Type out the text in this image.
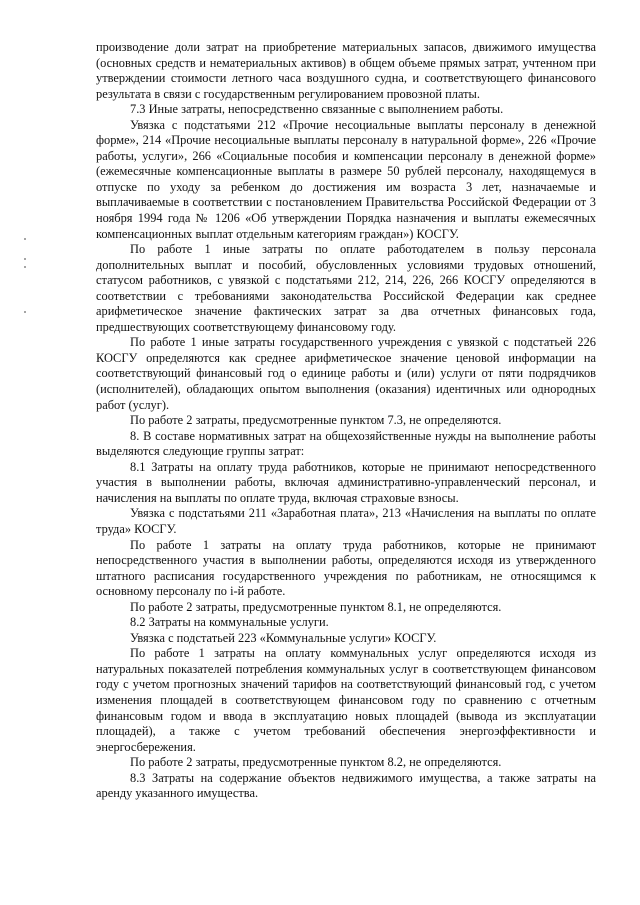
производение доли затрат на приобретение материальных запасов, движимого имущества (основных средств и нематериальных активов) в общем объеме прямых затрат, учтенном при утверждении стоимости летного часа воздушного судна, и соответствующего финансового результата в связи с государственным регулированием провозной платы.

7.3 Иные затраты, непосредственно связанные с выполнением работы.

Увязка с подстатьями 212 «Прочие несоциальные выплаты персоналу в денежной форме», 214 «Прочие несоциальные выплаты персоналу в натуральной форме», 226 «Прочие работы, услуги», 266 «Социальные пособия и компенсации персоналу в денежной форме» (ежемесячные компенсационные выплаты в размере 50 рублей персоналу, находящемуся в отпуске по уходу за ребенком до достижения им возраста 3 лет, назначаемые и выплачиваемые в соответствии с постановлением Правительства Российской Федерации от 3 ноября 1994 года № 1206 «Об утверждении Порядка назначения и выплаты ежемесячных компенсационных выплат отдельным категориям граждан») КОСГУ.

По работе 1 иные затраты по оплате работодателем в пользу персонала дополнительных выплат и пособий, обусловленных условиями трудовых отношений, статусом работников, с увязкой с подстатьями 212, 214, 226, 266 КОСГУ определяются в соответствии с требованиями законодательства Российской Федерации как среднее арифметическое значение фактических затрат за два отчетных финансовых года, предшествующих соответствующему финансовому году.

По работе 1 иные затраты государственного учреждения с увязкой с подстатьей 226 КОСГУ определяются как среднее арифметическое значение ценовой информации на соответствующий финансовый год о единице работы и (или) услуги от пяти подрядчиков (исполнителей), обладающих опытом выполнения (оказания) идентичных или однородных работ (услуг).

По работе 2 затраты, предусмотренные пунктом 7.3, не определяются.

8. В составе нормативных затрат на общехозяйственные нужды на выполнение работы выделяются следующие группы затрат:

8.1 Затраты на оплату труда работников, которые не принимают непосредственного участия в выполнении работы, включая административно-управленческий персонал, и начисления на выплаты по оплате труда, включая страховые взносы.

Увязка с подстатьями 211 «Заработная плата», 213 «Начисления на выплаты по оплате труда» КОСГУ.

По работе 1 затраты на оплату труда работников, которые не принимают непосредственного участия в выполнении работы, определяются исходя из утвержденного штатного расписания государственного учреждения по работникам, не относящимся к основному персоналу по i-й работе.

По работе 2 затраты, предусмотренные пунктом 8.1, не определяются.

8.2 Затраты на коммунальные услуги.

Увязка с подстатьей 223 «Коммунальные услуги» КОСГУ.

По работе 1 затраты на оплату коммунальных услуг определяются исходя из натуральных показателей потребления коммунальных услуг в соответствующем финансовом году с учетом прогнозных значений тарифов на соответствующий финансовый год, с учетом изменения площадей в соответствующем финансовом году по сравнению с отчетным финансовым годом и ввода в эксплуатацию новых площадей (вывода из эксплуатации площадей), а также с учетом требований обеспечения энергоэффективности и энергосбережения.

По работе 2 затраты, предусмотренные пунктом 8.2, не определяются.

8.3 Затраты на содержание объектов недвижимого имущества, а также затраты на аренду указанного имущества.
